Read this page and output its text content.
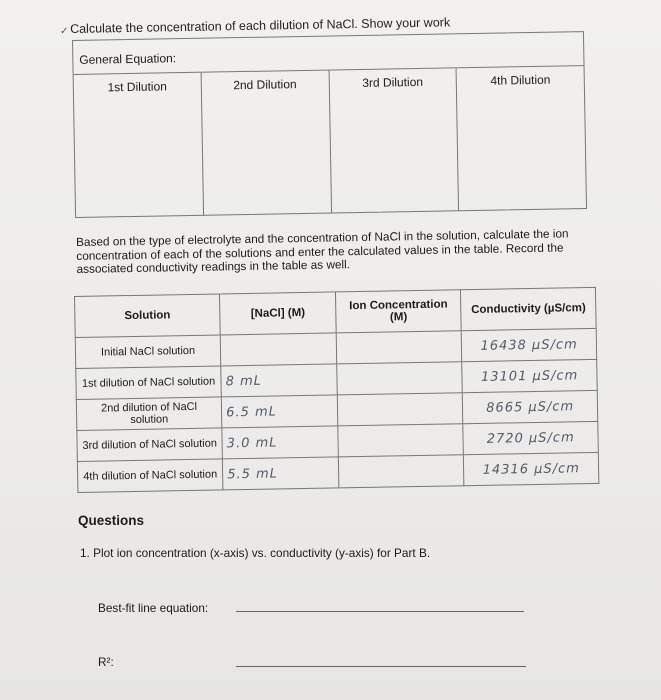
✓ Calculate the concentration of each dilution of NaCl. Show your work
General Equation:
1st Dilution	2nd Dilution	3rd Dilution	4th Dilution
Based on the type of electrolyte and the concentration of NaCl in the solution, calculate the ion concentration of each of the solutions and enter the calculated values in the table. Record the associated conductivity readings in the table as well.
Solution	[NaCl] (M)	Ion Concentration (M)	Conductivity (µS/cm)
Initial NaCl solution			16438 µS/cm
1st dilution of NaCl solution	8 mL		13101 µS/cm
2nd dilution of NaCl solution	6.5 mL		8665 µS/cm
3rd dilution of NaCl solution	3.0 mL		2720 µS/cm
4th dilution of NaCl solution	5.5 mL		14316 µS/cm
Questions
1. Plot ion concentration (x-axis) vs. conductivity (y-axis) for Part B.
Best-fit line equation:
R²:
